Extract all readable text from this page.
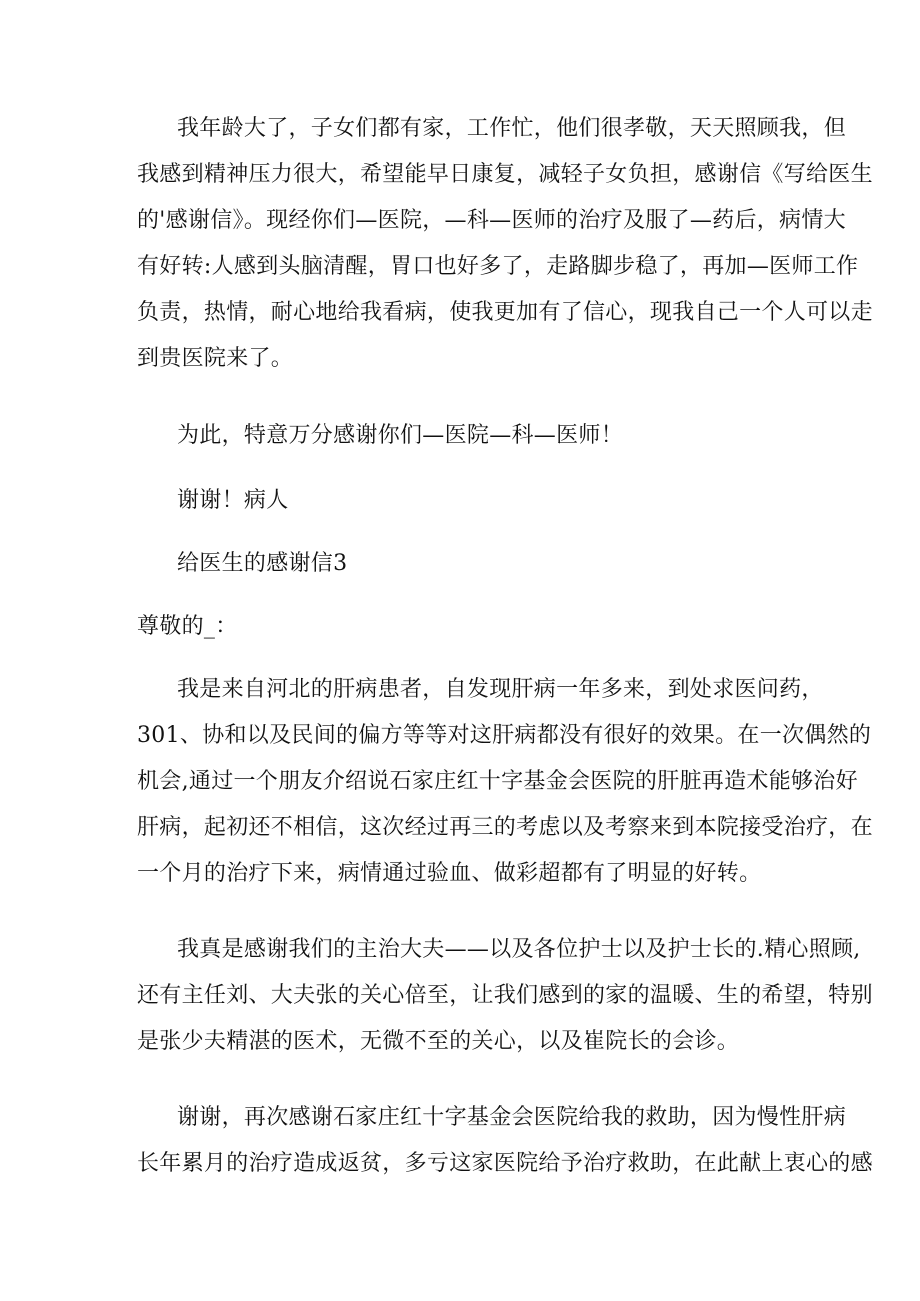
我年龄大了，子女们都有家，工作忙，他们很孝敬，天天照顾我，但
我感到精神压力很大，希望能早日康复，减轻子女负担，感谢信《写给医生
的'感谢信》。现经你们—医院，—科—医师的治疗及服了—药后，病情大
有好转:人感到头脑清醒，胃口也好多了，走路脚步稳了，再加—医师工作
负责，热情，耐心地给我看病，使我更加有了信心，现我自己一个人可以走
到贵医院来了。

为此，特意万分感谢你们—医院—科—医师！

谢谢！病人

给医生的感谢信3

尊敬的_：

我是来自河北的肝病患者，自发现肝病一年多来，到处求医问药，
301、协和以及民间的偏方等等对这肝病都没有很好的效果。在一次偶然的
机会,通过一个朋友介绍说石家庄红十字基金会医院的肝脏再造术能够治好
肝病，起初还不相信，这次经过再三的考虑以及考察来到本院接受治疗，在
一个月的治疗下来，病情通过验血、做彩超都有了明显的好转。

我真是感谢我们的主治大夫——以及各位护士以及护士长的.精心照顾,
还有主任刘、大夫张的关心倍至，让我们感到的家的温暖、生的希望，特别
是张少夫精湛的医术，无微不至的关心，以及崔院长的会诊。

谢谢，再次感谢石家庄红十字基金会医院给我的救助，因为慢性肝病
长年累月的治疗造成返贫，多亏这家医院给予治疗救助，在此献上衷心的感
